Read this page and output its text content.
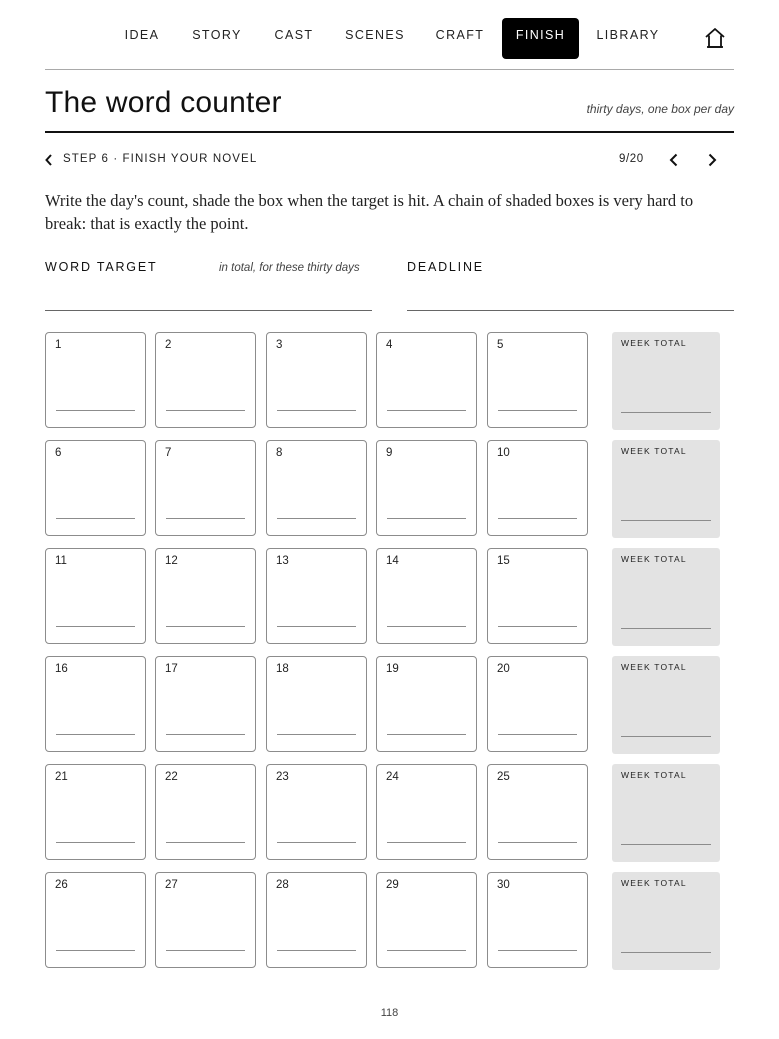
IDEA	STORY	CAST	SCENES	CRAFT	FINISH	LIBRARY
The word counter	thirty days, one box per day
STEP 6 · FINISH YOUR NOVEL	9/20

Write the day's count, shade the box when the target is hit. A chain of shaded boxes is very hard to break: that is exactly the point.

WORD TARGET	in total, for these thirty days	DEADLINE
1	2	3	4	5	WEEK TOTAL
6	7	8	9	10	WEEK TOTAL
11	12	13	14	15	WEEK TOTAL
16	17	18	19	20	WEEK TOTAL
21	22	23	24	25	WEEK TOTAL
26	27	28	29	30	WEEK TOTAL
118
